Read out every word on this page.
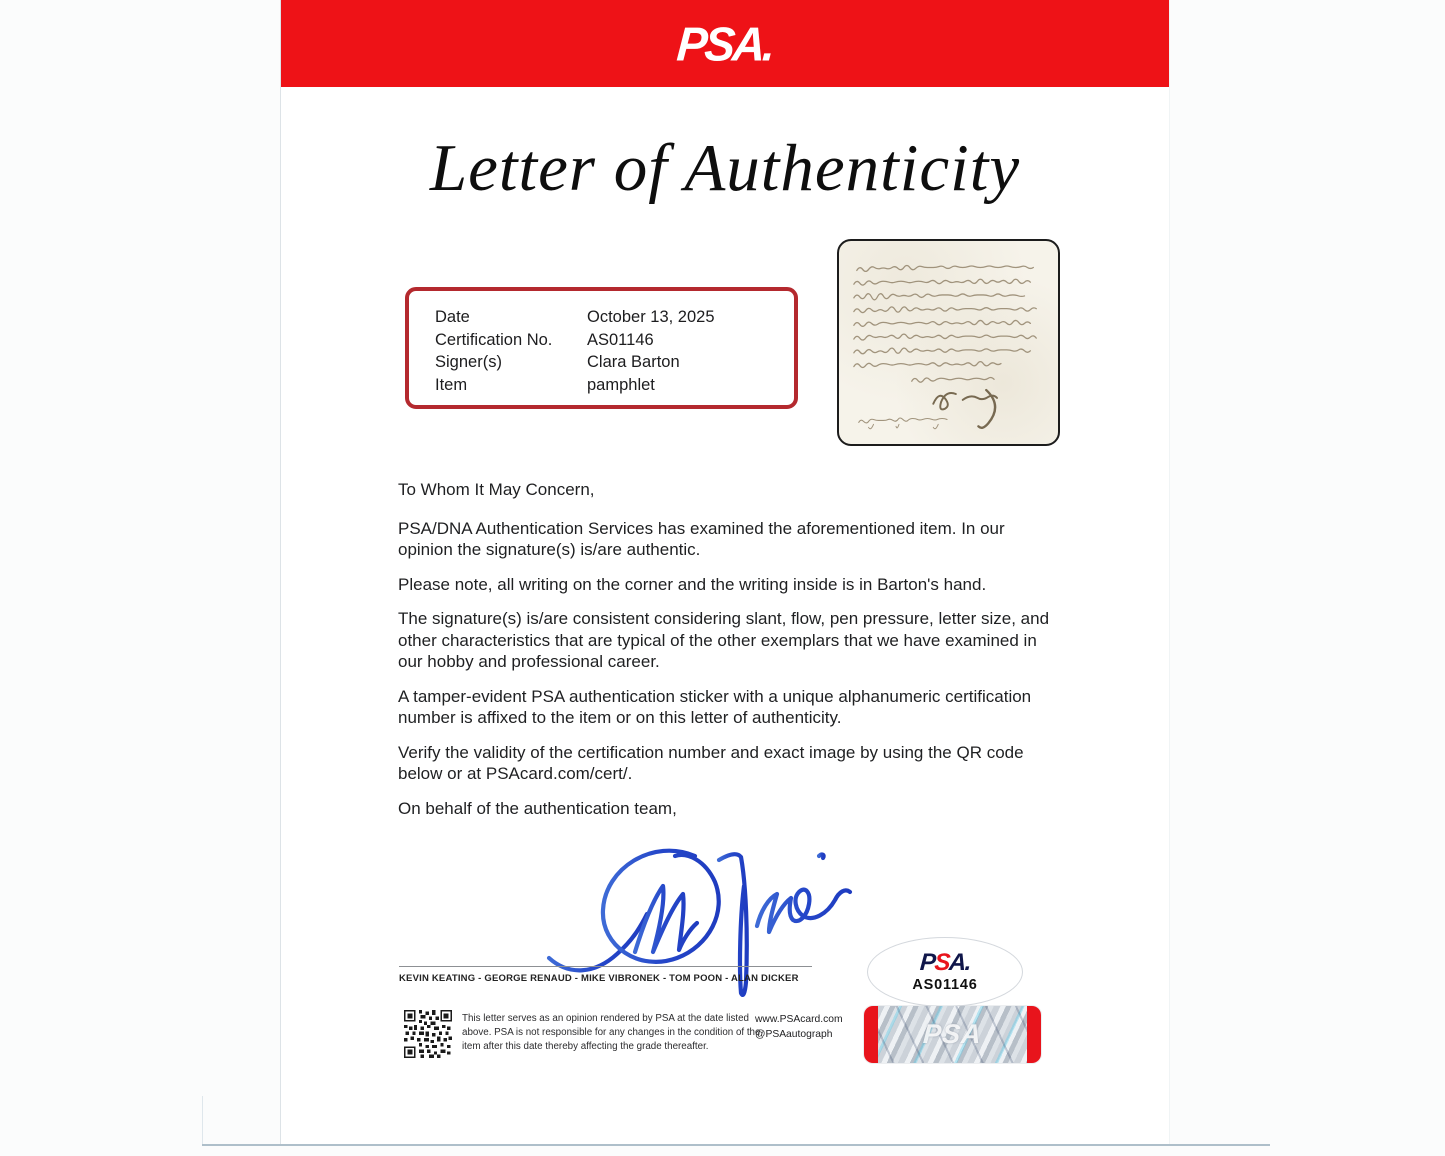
PSA.
Letter of Authenticity
Date	October 13, 2025
Certification No.	AS01146
Signer(s)	Clara Barton
Item	pamphlet

To Whom It May Concern,

PSA/DNA Authentication Services has examined the aforementioned item. In our opinion the signature(s) is/are authentic.

Please note, all writing on the corner and the writing inside is in Barton's hand.

The signature(s) is/are consistent considering slant, flow, pen pressure, letter size, and other characteristics that are typical of the other exemplars that we have examined in our hobby and professional career.

A tamper-evident PSA authentication sticker with a unique alphanumeric certification number is affixed to the item or on this letter of authenticity.

Verify the validity of the certification number and exact image by using the QR code below or at PSAcard.com/cert/.

On behalf of the authentication team,

KEVIN KEATING - GEORGE RENAUD - MIKE VIBRONEK - TOM POON - ALAN DICKER
PSA.
AS01146
This letter serves as an opinion rendered by PSA at the date listed above. PSA is not responsible for any changes in the condition of the item after this date thereby affecting the grade thereafter.
www.PSAcard.com
@PSAautograph	PSA
